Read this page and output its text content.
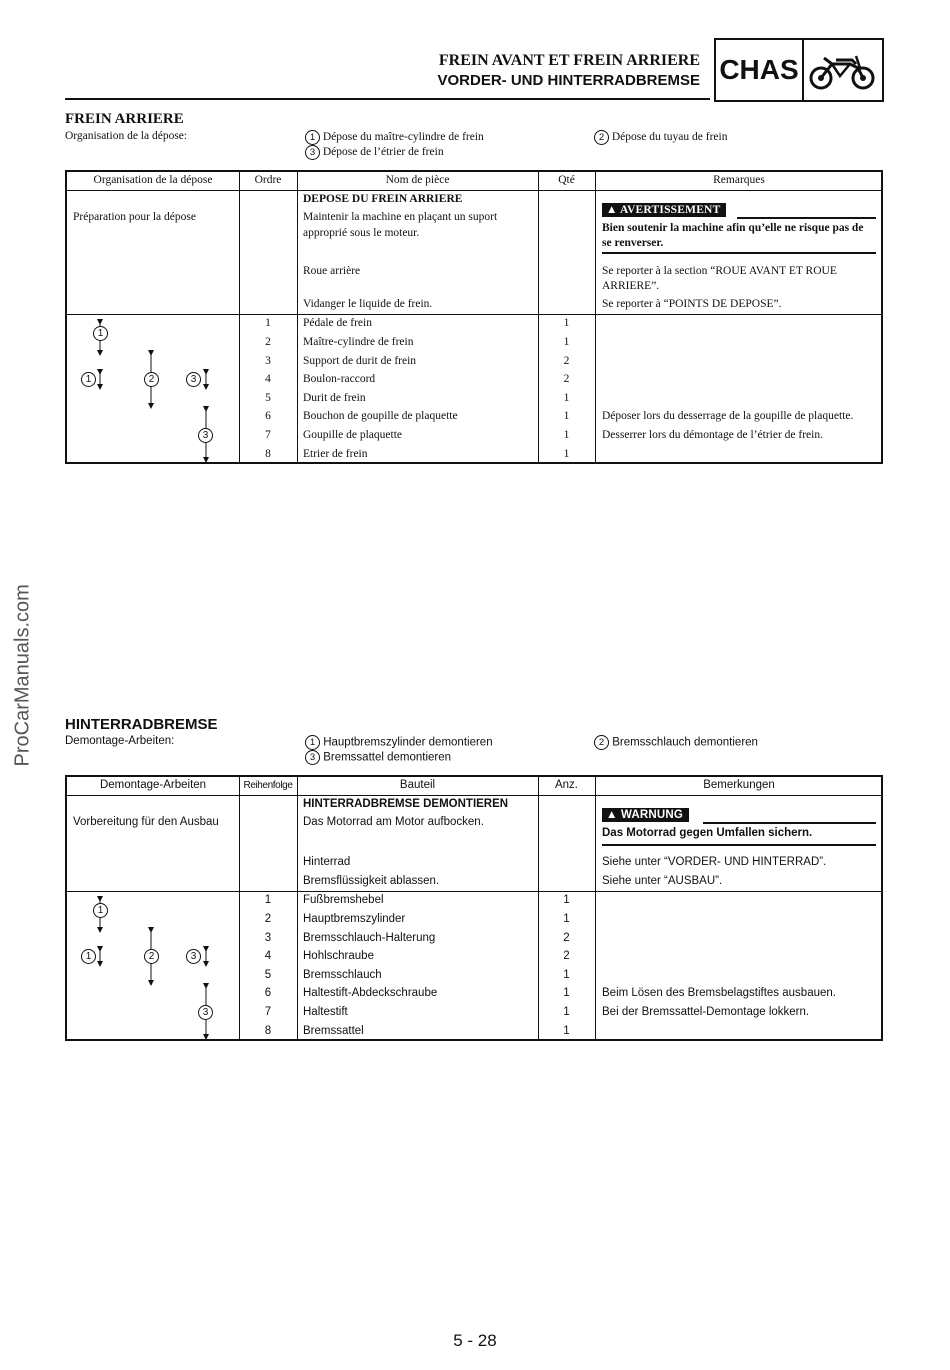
FREIN AVANT ET FREIN ARRIERE
VORDER- UND HINTERRADBREMSE CHAS
FREIN ARRIERE
Organisation de la dépose:	1 Dépose du maître-cylindre de frein	2 Dépose du tuyau de frein
3 Dépose de l’étrier de frein
Organisation de la dépose	Ordre	Nom de pièce	Qté	Remarques
DEPOSE DU FREIN ARRIERE
Préparation pour la dépose	Maintenir la machine en plaçant un suport
approprié sous le moteur.
▲ AVERTISSEMENT
Bien soutenir la machine afin qu’elle ne risque pas de
se renverser.
Roue arrière	Se reporter à la section “ROUE AVANT ET ROUE
ARRIERE”.
Vidanger le liquide de frein.	Se reporter à “POINTS DE DEPOSE”.
1	Pédale de frein	1
2	Maître-cylindre de frein	1
3	Support de durit de frein	2
4	Boulon-raccord	2
5	Durit de frein	1
6	Bouchon de goupille de plaquette	1	Déposer lors du desserrage de la goupille de plaquette.
7	Goupille de plaquette	1	Desserrer lors du démontage de l’étrier de frein.
8	Etrier de frein	1
1
1	2	3
3
HINTERRADBREMSE
Demontage-Arbeiten:	1 Hauptbremszylinder demontieren	2 Bremsschlauch demontieren
3 Bremssattel demontieren
Demontage-Arbeiten	Reihenfolge	Bauteil	Anz.	Bemerkungen
HINTERRADBREMSE DEMONTIEREN
Vorbereitung für den Ausbau	Das Motorrad am Motor aufbocken.
▲ WARNUNG
Das Motorrad gegen Umfallen sichern.
Hinterrad	Siehe unter “VORDER- UND HINTERRAD”.
Bremsflüssigkeit ablassen.	Siehe unter “AUSBAU”.
1	Fußbremshebel	1
2	Hauptbremszylinder	1
3	Bremsschlauch-Halterung	2
4	Hohlschraube	2
5	Bremsschlauch	1
6	Haltestift-Abdeckschraube	1	Beim Lösen des Bremsbelagstiftes ausbauen.
7	Haltestift	1	Bei der Bremssattel-Demontage lokkern.
8	Bremssattel	1
1
1	2	3
3
ProCarManuals.com
5 - 28
